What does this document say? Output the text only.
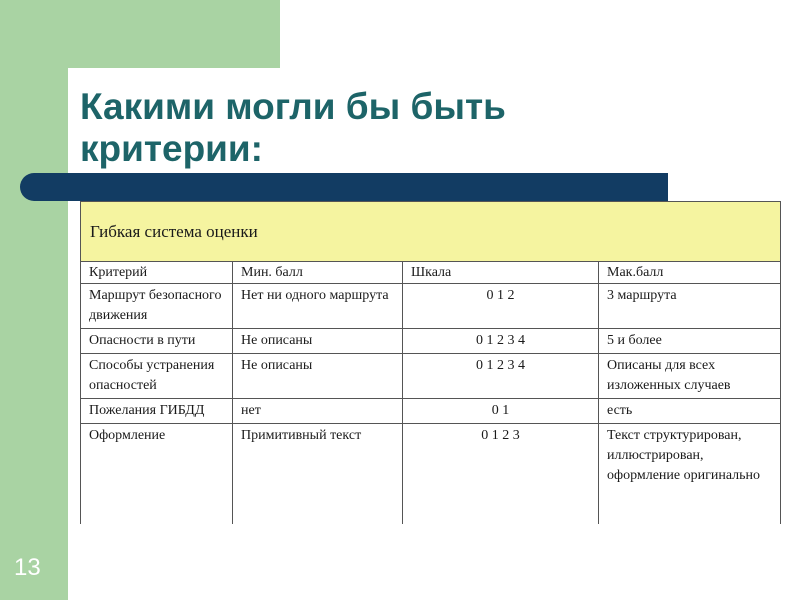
Какими могли бы быть критерии:
Гибкая система оценки			
Критерий	Мин. балл	Шкала	Мак.балл
Маршрут безопасного движения	Нет ни одного маршрута	0 1 2	3 маршрута
Опасности в пути	Не описаны	0 1 2 3 4	5 и более
Способы устранения опасностей	Не описаны	0 1 2 3 4	Описаны для всех изложенных случаев
Пожелания ГИБДД	нет	0 1	есть
Оформление	Примитивный текст	0 1 2 3	Текст структурирован, иллюстрирован, оформление оригинально
13
